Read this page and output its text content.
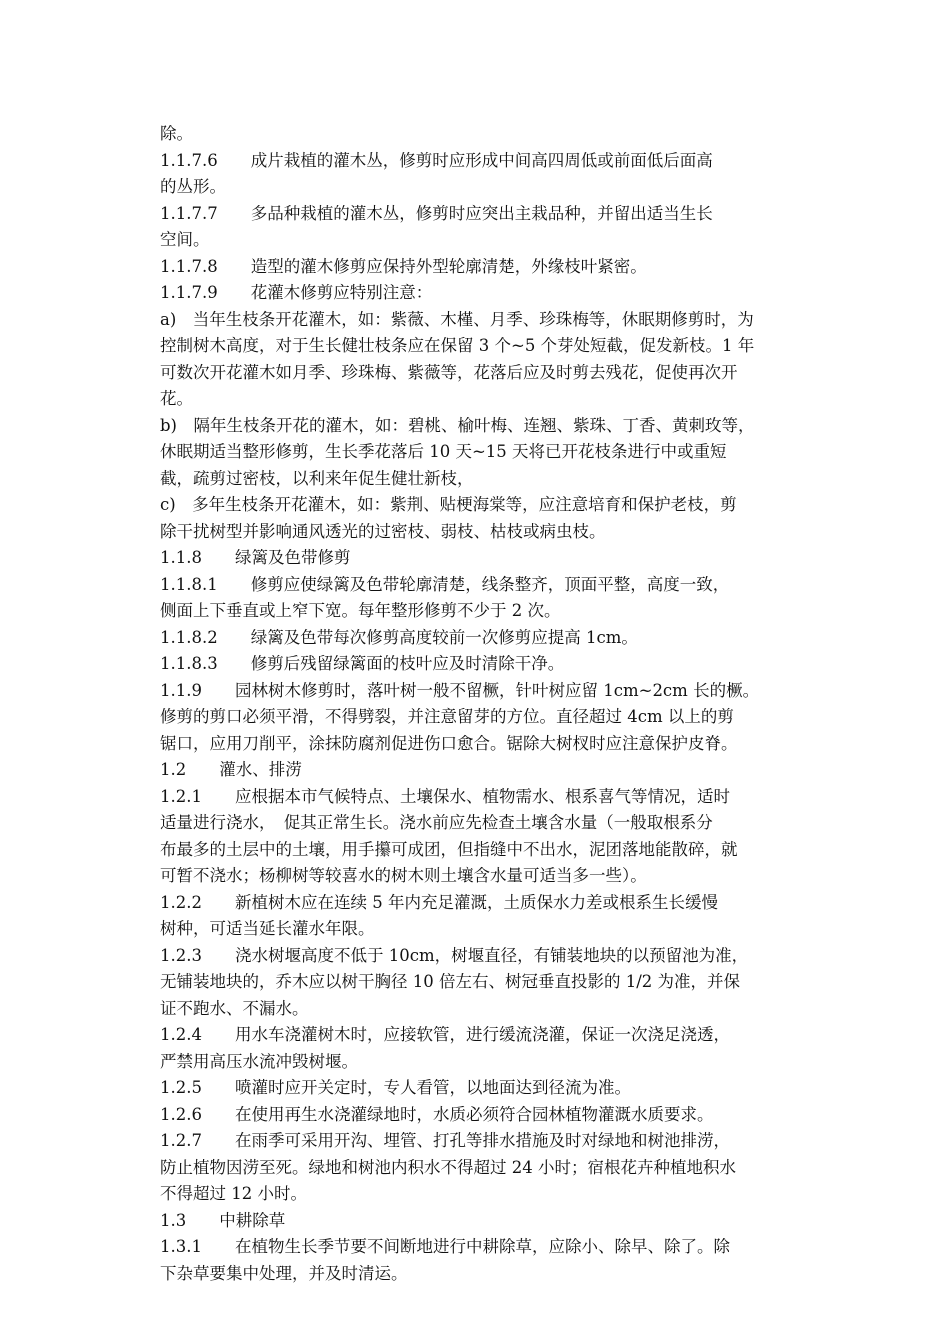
除。
1.1.7.6　　成片栽植的灌木丛，修剪时应形成中间高四周低或前面低后面高
的丛形。
1.1.7.7　　多品种栽植的灌木丛，修剪时应突出主栽品种，并留出适当生长
空间。
1.1.7.8　　造型的灌木修剪应保持外型轮廓清楚，外缘枝叶紧密。
1.1.7.9　　花灌木修剪应特别注意：
a)　当年生枝条开花灌木，如：紫薇、木槿、月季、珍珠梅等，休眠期修剪时，为
控制树木高度，对于生长健壮枝条应在保留 3 个~5 个芽处短截，促发新枝。1 年
可数次开花灌木如月季、珍珠梅、紫薇等，花落后应及时剪去残花，促使再次开
花。
b)　隔年生枝条开花的灌木，如：碧桃、榆叶梅、连翘、紫珠、丁香、黄刺玫等，
休眠期适当整形修剪，生长季花落后 10 天~15 天将已开花枝条进行中或重短
截，疏剪过密枝，以利来年促生健壮新枝，
c)　多年生枝条开花灌木，如：紫荆、贴梗海棠等，应注意培育和保护老枝，剪
除干扰树型并影响通风透光的过密枝、弱枝、枯枝或病虫枝。
1.1.8　　绿篱及色带修剪
1.1.8.1　　修剪应使绿篱及色带轮廓清楚，线条整齐，顶面平整，高度一致，
侧面上下垂直或上窄下宽。每年整形修剪不少于 2 次。
1.1.8.2　　绿篱及色带每次修剪高度较前一次修剪应提高 1cm。
1.1.8.3　　修剪后残留绿篱面的枝叶应及时清除干净。
1.1.9　　园林树木修剪时，落叶树一般不留橛，针叶树应留 1cm~2cm 长的橛。
修剪的剪口必须平滑，不得劈裂，并注意留芽的方位。直径超过 4cm 以上的剪
锯口，应用刀削平，涂抹防腐剂促进伤口愈合。锯除大树杈时应注意保护皮脊。
1.2　　灌水、排涝
1.2.1　　应根据本市气候特点、土壤保水、植物需水、根系喜气等情况，适时
适量进行浇水，　促其正常生长。浇水前应先检查土壤含水量（一般取根系分
布最多的土层中的土壤，用手攥可成团，但指缝中不出水，泥团落地能散碎，就
可暂不浇水；杨柳树等较喜水的树木则土壤含水量可适当多一些）。
1.2.2　　新植树木应在连续 5 年内充足灌溉，土质保水力差或根系生长缓慢
树种，可适当延长灌水年限。
1.2.3　　浇水树堰高度不低于 10cm，树堰直径，有铺装地块的以预留池为准，
无铺装地块的，乔木应以树干胸径 10 倍左右、树冠垂直投影的 1/2 为准，并保
证不跑水、不漏水。
1.2.4　　用水车浇灌树木时，应接软管，进行缓流浇灌，保证一次浇足浇透，
严禁用高压水流冲毁树堰。
1.2.5　　喷灌时应开关定时，专人看管，以地面达到径流为准。
1.2.6　　在使用再生水浇灌绿地时，水质必须符合园林植物灌溉水质要求。
1.2.7　　在雨季可采用开沟、埋管、打孔等排水措施及时对绿地和树池排涝，
防止植物因涝至死。绿地和树池内积水不得超过 24 小时；宿根花卉种植地积水
不得超过 12 小时。
1.3　　中耕除草
1.3.1　　在植物生长季节要不间断地进行中耕除草，应除小、除早、除了。除
下杂草要集中处理，并及时清运。
